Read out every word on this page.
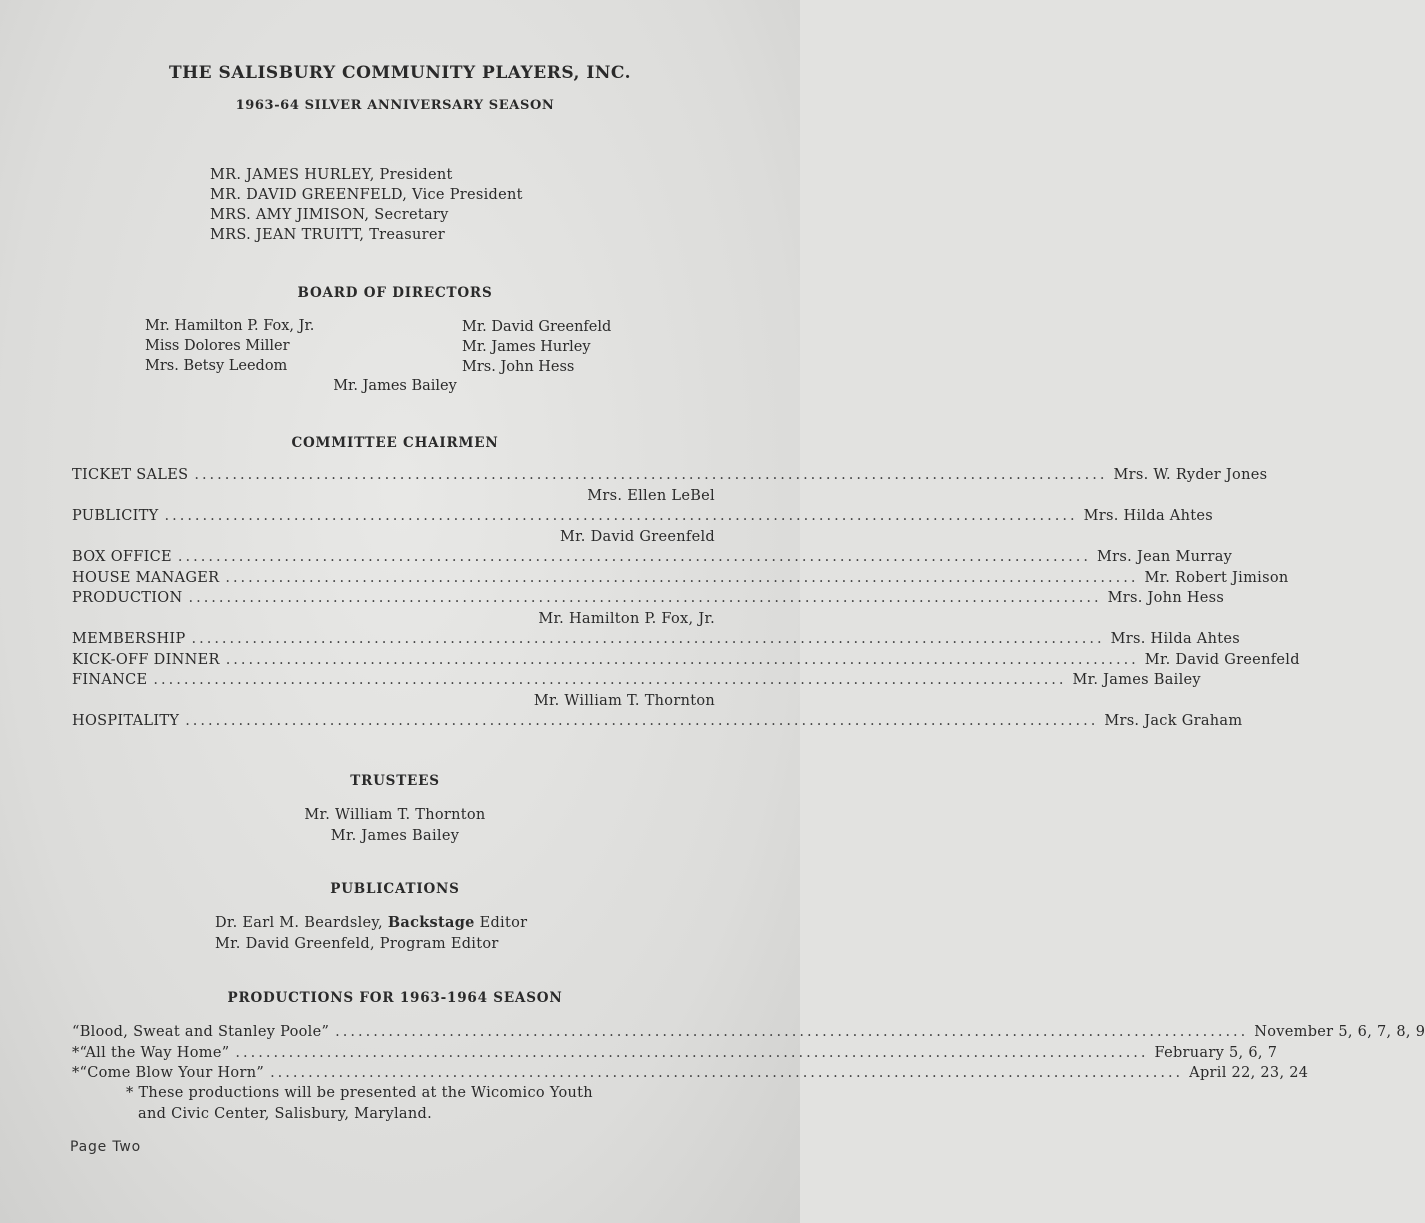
THE SALISBURY COMMUNITY PLAYERS, INC.
1963-64 SILVER ANNIVERSARY SEASON
MR. JAMES HURLEY, President
MR. DAVID GREENFELD, Vice President
MRS. AMY JIMISON, Secretary
MRS. JEAN TRUITT, Treasurer
BOARD OF DIRECTORS
Mr. Hamilton P. Fox, Jr.
Miss Dolores Miller
Mrs. Betsy Leedom
Mr. David Greenfeld
Mr. James Hurley
Mrs. John Hess
Mr. James Bailey
COMMITTEE CHAIRMEN
TICKET SALES ........................................................................................................................ Mrs. W. Ryder Jones
Mrs. Ellen LeBel
PUBLICITY ........................................................................................................................ Mrs. Hilda Ahtes
Mr. David Greenfeld
BOX OFFICE ........................................................................................................................ Mrs. Jean Murray
HOUSE MANAGER ........................................................................................................................ Mr. Robert Jimison
PRODUCTION ........................................................................................................................ Mrs. John Hess
Mr. Hamilton P. Fox, Jr.
MEMBERSHIP ........................................................................................................................ Mrs. Hilda Ahtes
KICK-OFF DINNER ........................................................................................................................ Mr. David Greenfeld
FINANCE ........................................................................................................................ Mr. James Bailey
Mr. William T. Thornton
HOSPITALITY ........................................................................................................................ Mrs. Jack Graham
TRUSTEES
Mr. William T. Thornton
Mr. James Bailey
PUBLICATIONS
Dr. Earl M. Beardsley, Backstage Editor
Mr. David Greenfeld, Program Editor
PRODUCTIONS FOR 1963-1964 SEASON
“Blood, Sweat and Stanley Poole” ........................................................................................................................ November 5, 6, 7, 8, 9
*“All the Way Home” ........................................................................................................................ February 5, 6, 7
*“Come Blow Your Horn” ........................................................................................................................ April 22, 23, 24
* These productions will be presented at the Wicomico Youth
and Civic Center, Salisbury, Maryland.
Page Two
